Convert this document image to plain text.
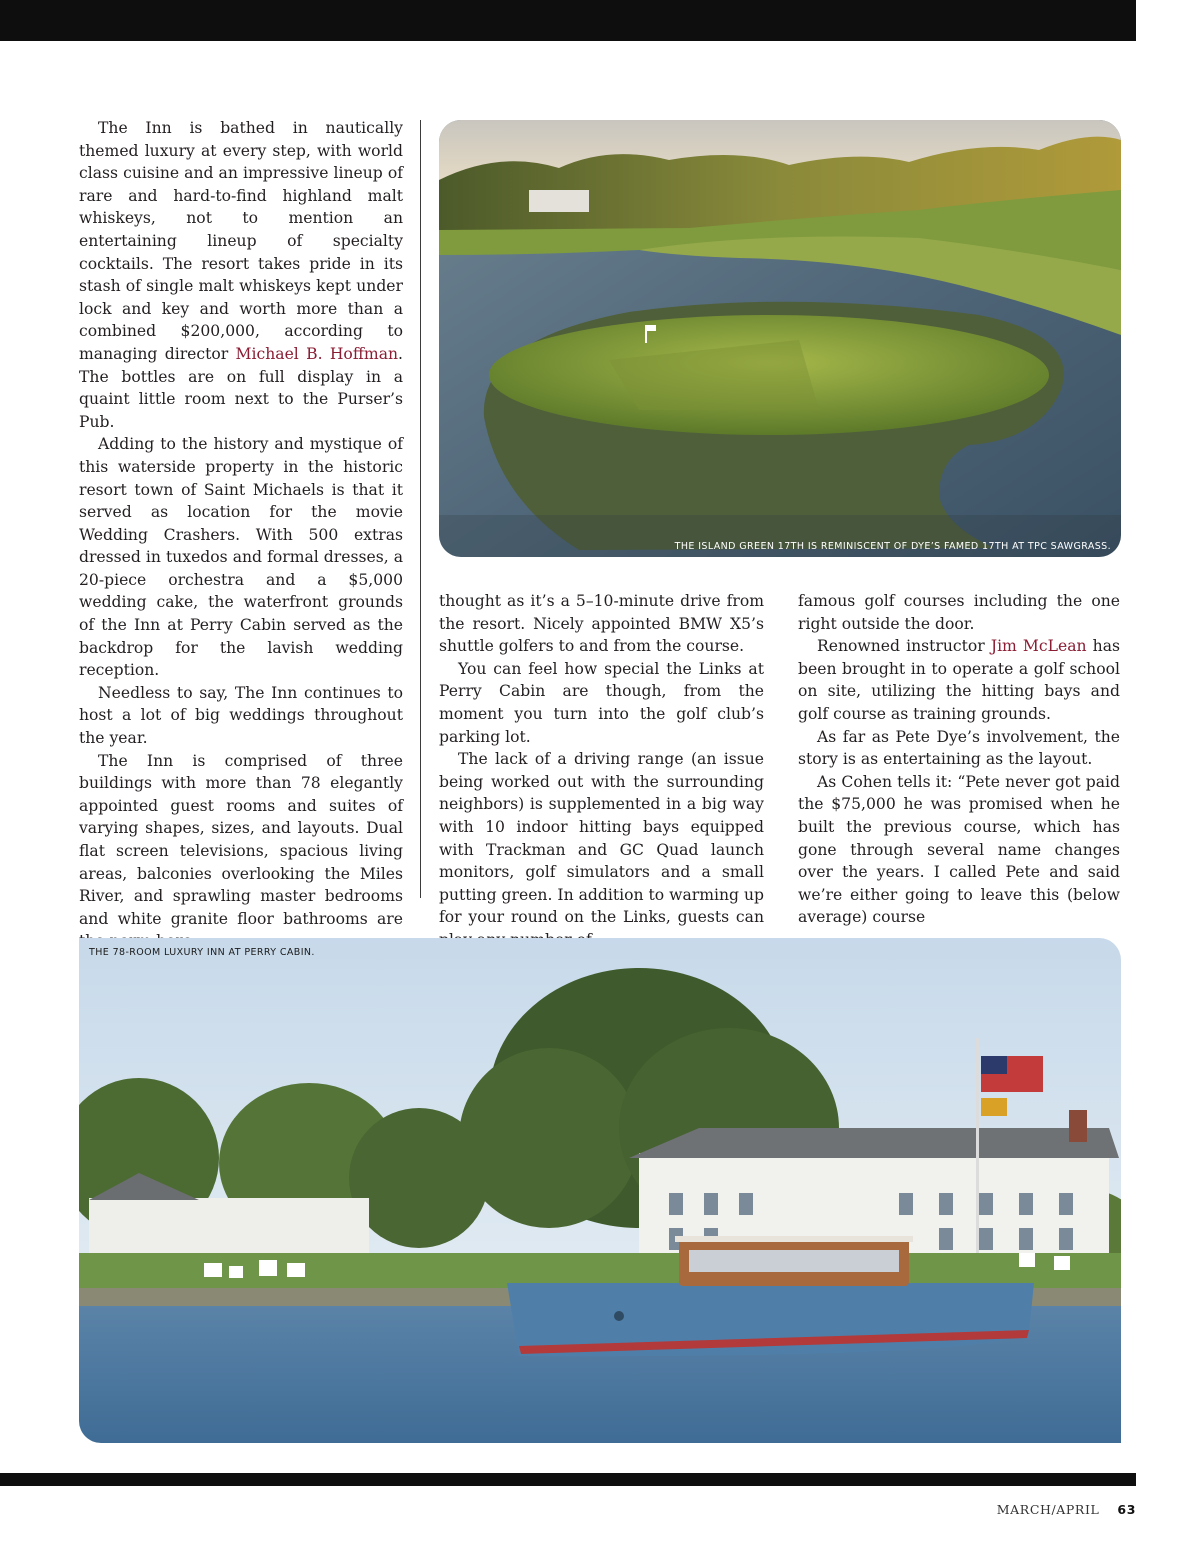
The Inn is bathed in nautically themed luxury at every step, with world class cuisine and an impressive lineup of rare and hard-to-find highland malt whiskeys, not to mention an entertaining lineup of specialty cocktails. The resort takes pride in its stash of single malt whiskeys kept under lock and key and worth more than a combined $200,000, according to managing director Michael B. Hoffman. The bottles are on full display in a quaint little room next to the Purser’s Pub.

Adding to the history and mystique of this waterside property in the historic resort town of Saint Michaels is that it served as location for the movie Wedding Crashers. With 500 extras dressed in tuxedos and formal dresses, a 20-piece orchestra and a $5,000 wedding cake, the waterfront grounds of the Inn at Perry Cabin served as the backdrop for the lavish wedding reception.

Needless to say, The Inn continues to host a lot of big weddings throughout the year.

The Inn is comprised of three buildings with more than 78 elegantly appointed guest rooms and suites of varying shapes, sizes, and layouts. Dual flat screen televisions, spacious living areas, balconies overlooking the Miles River, and sprawling master bedrooms and white granite floor bathrooms are

THE ISLAND GREEN 17TH IS REMINISCENT OF DYE’S FAMED 17TH AT TPC SAWGRASS.

thought as it’s a 5–10-minute drive from the resort. Nicely appointed BMW X5’s shuttle golfers to and from the course.

You can feel how special the Links at Perry Cabin are though, from the moment you turn into the golf club’s parking lot.

The lack of a driving range (an issue being worked out with the surrounding neighbors) is supplemented in a big way with 10 indoor hitting bays equipped with Trackman and GC Quad launch monitors, golf simulators and a small putting green. In addition to warming up for your round on the Links, guests can

famous golf courses including the one right outside the door.

Renowned instructor Jim McLean has been brought in to operate a golf school on site, utilizing the hitting bays and golf course as training grounds.

As far as Pete Dye’s involvement, the story is as entertaining as the layout.

As Cohen tells it: “Pete never got paid the $75,000 he was promised when he built the previous course, which has gone through several name changes over the years. I called Pete and said we’re either going to leave this (below average) course

THE 78-ROOM LUXURY INN AT PERRY CABIN.
MARCH/APRIL 63
